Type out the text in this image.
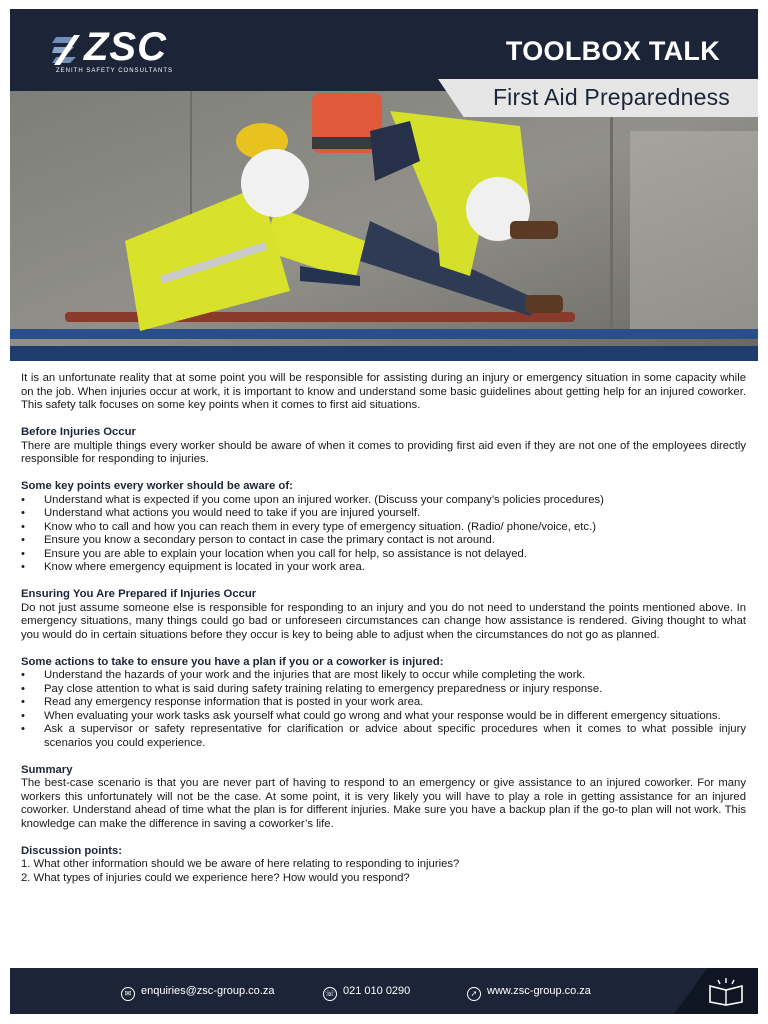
ZSC
ZENITH SAFETY CONSULTANTS
TOOLBOX TALK
First Aid Preparedness

It is an unfortunate reality that at some point you will be responsible for assisting during an injury or emergency situation in some capacity while on the job. When injuries occur at work, it is important to know and understand some basic guidelines about getting help for an injured coworker. This safety talk focuses on some key points when it comes to first aid situations.

Before Injuries Occur
There are multiple things every worker should be aware of when it comes to providing first aid even if they are not one of the employees directly responsible for responding to injuries.

Some key points every worker should be aware of:
• Understand what is expected if you come upon an injured worker. (Discuss your company’s policies procedures)
• Understand what actions you would need to take if you are injured yourself.
• Know who to call and how you can reach them in every type of emergency situation. (Radio/ phone/voice, etc.)
• Ensure you know a secondary person to contact in case the primary contact is not around.
• Ensure you are able to explain your location when you call for help, so assistance is not delayed.
• Know where emergency equipment is located in your work area.

Ensuring You Are Prepared if Injuries Occur
Do not just assume someone else is responsible for responding to an injury and you do not need to understand the points mentioned above. In emergency situations, many things could go bad or unforeseen circumstances can change how assistance is rendered. Giving thought to what you would do in certain situations before they occur is key to being able to adjust when the circumstances do not go as planned.

Some actions to take to ensure you have a plan if you or a coworker is injured:
• Understand the hazards of your work and the injuries that are most likely to occur while completing the work.
• Pay close attention to what is said during safety training relating to emergency preparedness or injury response.
• Read any emergency response information that is posted in your work area.
• When evaluating your work tasks ask yourself what could go wrong and what your response would be in different emergency situations.
• Ask a supervisor or safety representative for clarification or advice about specific procedures when it comes to what possible injury scenarios you could experience.

Summary
The best-case scenario is that you are never part of having to respond to an emergency or give assistance to an injured coworker. For many workers this unfortunately will not be the case. At some point, it is very likely you will have to play a role in getting assistance for an injured coworker. Understand ahead of time what the plan is for different injuries. Make sure you have a backup plan if the go-to plan will not work. This knowledge can make the difference in saving a coworker’s life.

Discussion points:
1. What other information should we be aware of here relating to responding to injuries?
2. What types of injuries could we experience here? How would you respond?
✉ enquiries@zsc-group.co.za	☏ 021 010 0290	➚ www.zsc-group.co.za
